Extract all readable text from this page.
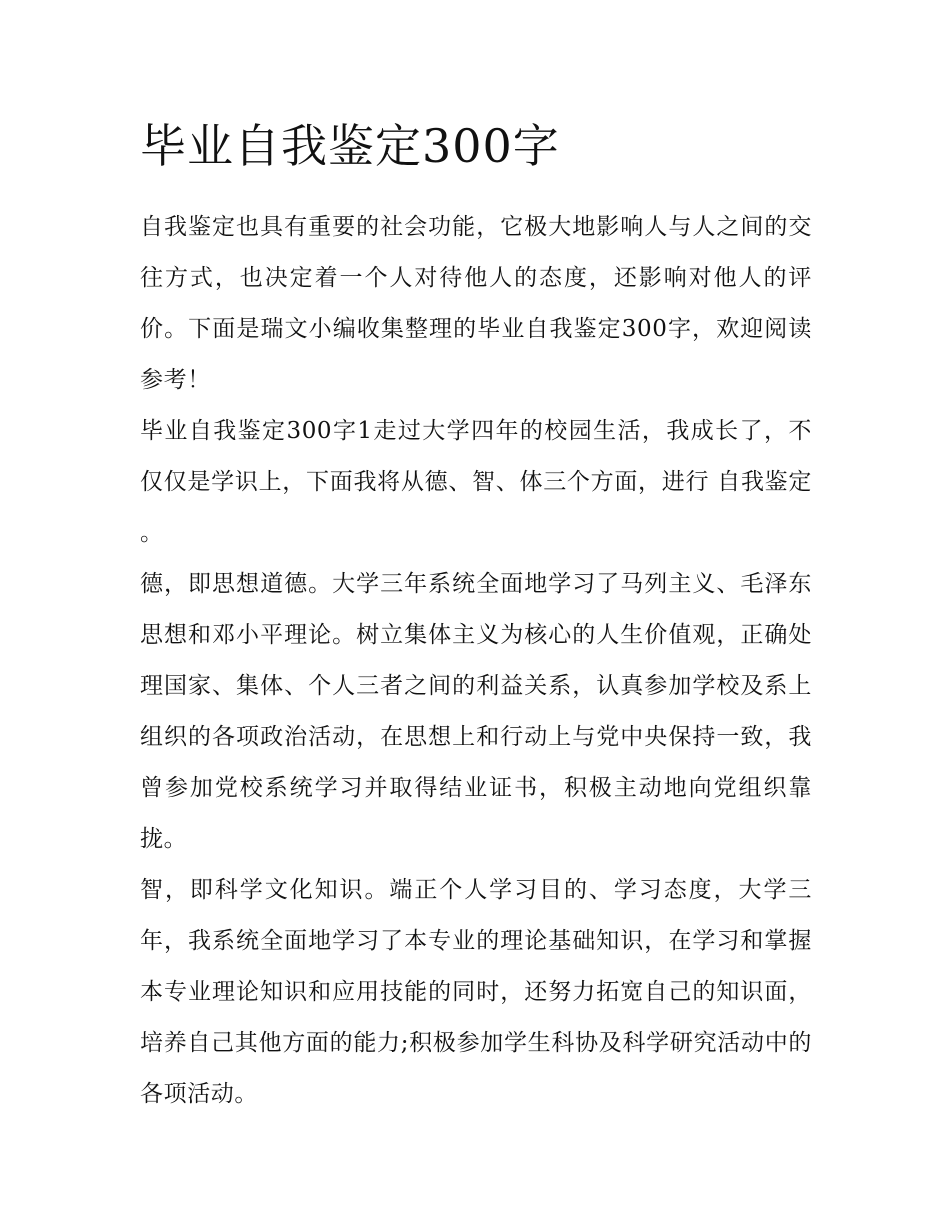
毕业自我鉴定300字

自我鉴定也具有重要的社会功能，它极大地影响人与人之间的交往方式，也决定着一个人对待他人的态度，还影响对他人的评价。下面是瑞文小编收集整理的毕业自我鉴定300字，欢迎阅读参考！

毕业自我鉴定300字1走过大学四年的校园生活，我成长了，不仅仅是学识上，下面我将从德、智、体三个方面，进行 自我鉴定 。

德，即思想道德。大学三年系统全面地学习了马列主义、毛泽东思想和邓小平理论。树立集体主义为核心的人生价值观，正确处理国家、集体、个人三者之间的利益关系，认真参加学校及系上组织的各项政治活动，在思想上和行动上与党中央保持一致，我曾参加党校系统学习并取得结业证书，积极主动地向党组织靠拢。

智，即科学文化知识。端正个人学习目的、学习态度，大学三年，我系统全面地学习了本专业的理论基础知识，在学习和掌握本专业理论知识和应用技能的同时，还努力拓宽自己的知识面，培养自己其他方面的能力;积极参加学生科协及科学研究活动中的各项活动。
